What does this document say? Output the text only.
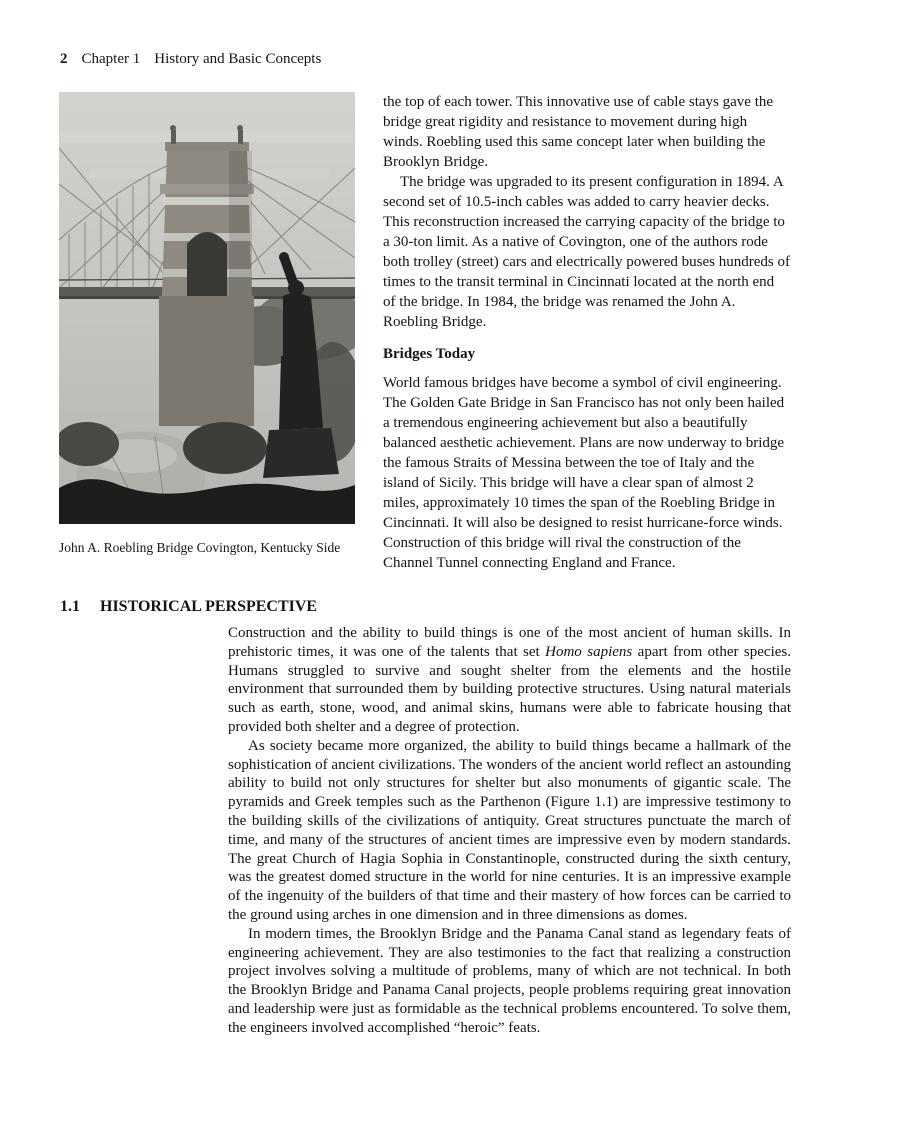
2 Chapter 1 History and Basic Concepts
John A. Roebling Bridge Covington, Kentucky Side

the top of each tower. This innovative use of cable stays gave the bridge great rigidity and resistance to movement during high winds. Roebling used this same concept later when building the Brooklyn Bridge.

The bridge was upgraded to its present configuration in 1894. A second set of 10.5-inch cables was added to carry heavier decks. This reconstruction increased the carrying capacity of the bridge to a 30-ton limit. As a native of Covington, one of the authors rode both trolley (street) cars and electrically powered buses hundreds of times to the transit terminal in Cincinnati located at the north end of the bridge. In 1984, the bridge was renamed the John A. Roebling Bridge.

Bridges Today

World famous bridges have become a symbol of civil engineering. The Golden Gate Bridge in San Francisco has not only been hailed a tremendous engineering achievement but also a beautifully balanced aesthetic achievement. Plans are now underway to bridge the famous Straits of Messina between the toe of Italy and the island of Sicily. This bridge will have a clear span of almost 2 miles, approximately 10 times the span of the Roebling Bridge in Cincinnati. It will also be designed to resist hurricane-force winds. Construction of this bridge will rival the construction of the Channel Tunnel connecting England and France.

1.1 HISTORICAL PERSPECTIVE

Construction and the ability to build things is one of the most ancient of human skills. In prehistoric times, it was one of the talents that set Homo sapiens apart from other species. Humans struggled to survive and sought shelter from the elements and the hostile environment that surrounded them by building protective structures. Using natural materials such as earth, stone, wood, and animal skins, humans were able to fabricate housing that provided both shelter and a degree of protection.

As society became more organized, the ability to build things became a hallmark of the sophistication of ancient civilizations. The wonders of the ancient world reflect an astounding ability to build not only structures for shelter but also monuments of gigantic scale. The pyramids and Greek temples such as the Parthenon (Figure 1.1) are impressive testimony to the building skills of the civilizations of antiquity. Great structures punctuate the march of time, and many of the structures of ancient times are impressive even by modern standards. The great Church of Hagia Sophia in Constantinople, constructed during the sixth century, was the greatest domed structure in the world for nine centuries. It is an impressive example of the ingenuity of the builders of that time and their mastery of how forces can be carried to the ground using arches in one dimension and in three dimensions as domes.

In modern times, the Brooklyn Bridge and the Panama Canal stand as legendary feats of engineering achievement. They are also testimonies to the fact that realizing a construction project involves solving a multitude of problems, many of which are not technical. In both the Brooklyn Bridge and Panama Canal projects, people problems requiring great innovation and leadership were just as formidable as the technical problems encountered. To solve them, the engineers involved accomplished “heroic” feats.
